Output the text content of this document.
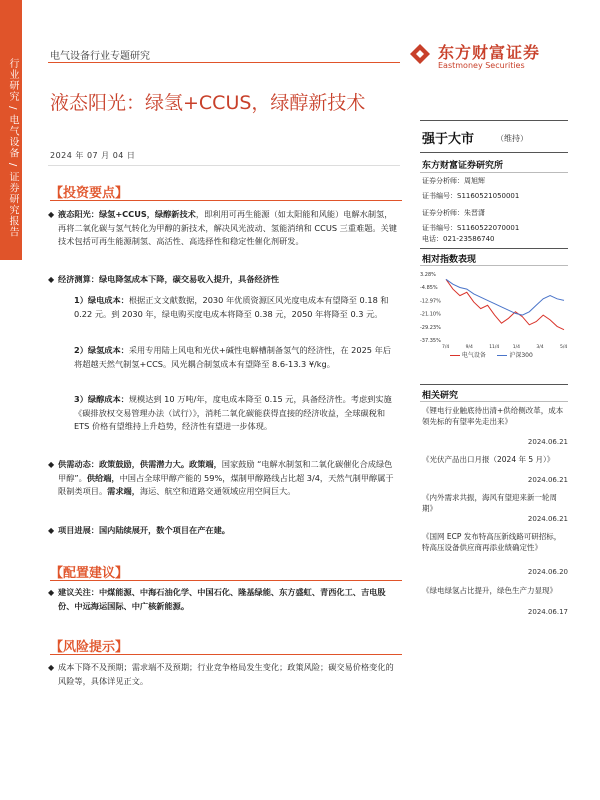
行业研究 / 电气设备 / 证券研究报告
电气设备行业专题研究	东方财富证券
Eastmoney Securities
液态阳光：绿氢+CCUS，绿醇新技术
2024 年 07 月 04 日
【投资要点】
◆ 液态阳光：绿氢+CCUS，绿醇新技术，即利用可再生能源（如太阳能和风能）电解水制氢，再将二氧化碳与氢气转化为甲醇的新技术，解决风光波动、氢能消纳和 CCUS 三重难题。关键技术包括可再生能源制氢、高活性、高选择性和稳定性催化剂研发。
◆ 经济测算：绿电降氢成本下降，碳交易收入提升，具备经济性
1）绿电成本：根据正文文献数据，2030 年优质资源区风光度电成本有望降至 0.18 和 0.22 元。到 2030 年，绿电购买度电成本将降至 0.38 元，2050 年将降至 0.3 元。
2）绿氢成本：采用专用陆上风电和光伏+碱性电解槽制备氢气的经济性，在 2025 年后将超越天然气制氢+CCS。风光耦合制氢成本有望降至 8.6-13.3 ¥/kg。
3）绿醇成本：规模达到 10 万吨/年，度电成本降至 0.15 元，具备经济性。考虑到实施《碳排放权交易管理办法（试行）》，消耗二氧化碳能获得直接的经济收益，全球碳税和 ETS 价格有望维持上升趋势，经济性有望进一步体现。
◆ 供需动态：政策鼓励，供需潜力大。政策端，国家鼓励 “电解水制氢和二氧化碳催化合成绿色甲醇”。供给端，中国占全球甲醇产能的 59%，煤制甲醇路线占比超 3/4，天然气制甲醇属于限制类项目。需求端，海运、航空和道路交通领域应用空间巨大。
◆ 项目进展：国内陆续展开，数个项目在产在建。
【配置建议】
◆ 建议关注：中煤能源、中海石油化学、中国石化、隆基绿能、东方盛虹、青西化工、吉电股份、中远海运国际、中广核新能源。
【风险提示】
◆ 成本下降不及预期；需求端不及预期；行业竞争格局发生变化；政策风险；碳交易价格变化的风险等，具体详见正文。
强于大市	（维持）
东方财富证券研究所
证券分析师：周旭辉
证书编号：S1160521050001
证券分析师：朱晋潇
证书编号：S1160522070001
电话：021-23586740
相对指数表现
3.28%
-4.85%
-12.97%
-21.10%
-29.23%
-37.35%
7/4	9/4	11/4	1/4	3/4	5/4
电气设备	沪深300
相关研究
《锂电行业触底待出清+供给侧改革，成本领先标的有望率先走出来》
2024.06.21
《光伏产品出口月报（2024 年 5 月）》
2024.06.21
《内外需求共振，海风有望迎来新一轮周期》
2024.06.21
《国网 ECP 发布特高压新线路可研招标，特高压设备供应商再添业绩确定性》
2024.06.20
《绿电绿氢占比提升，绿色生产力显现》
2024.06.17
